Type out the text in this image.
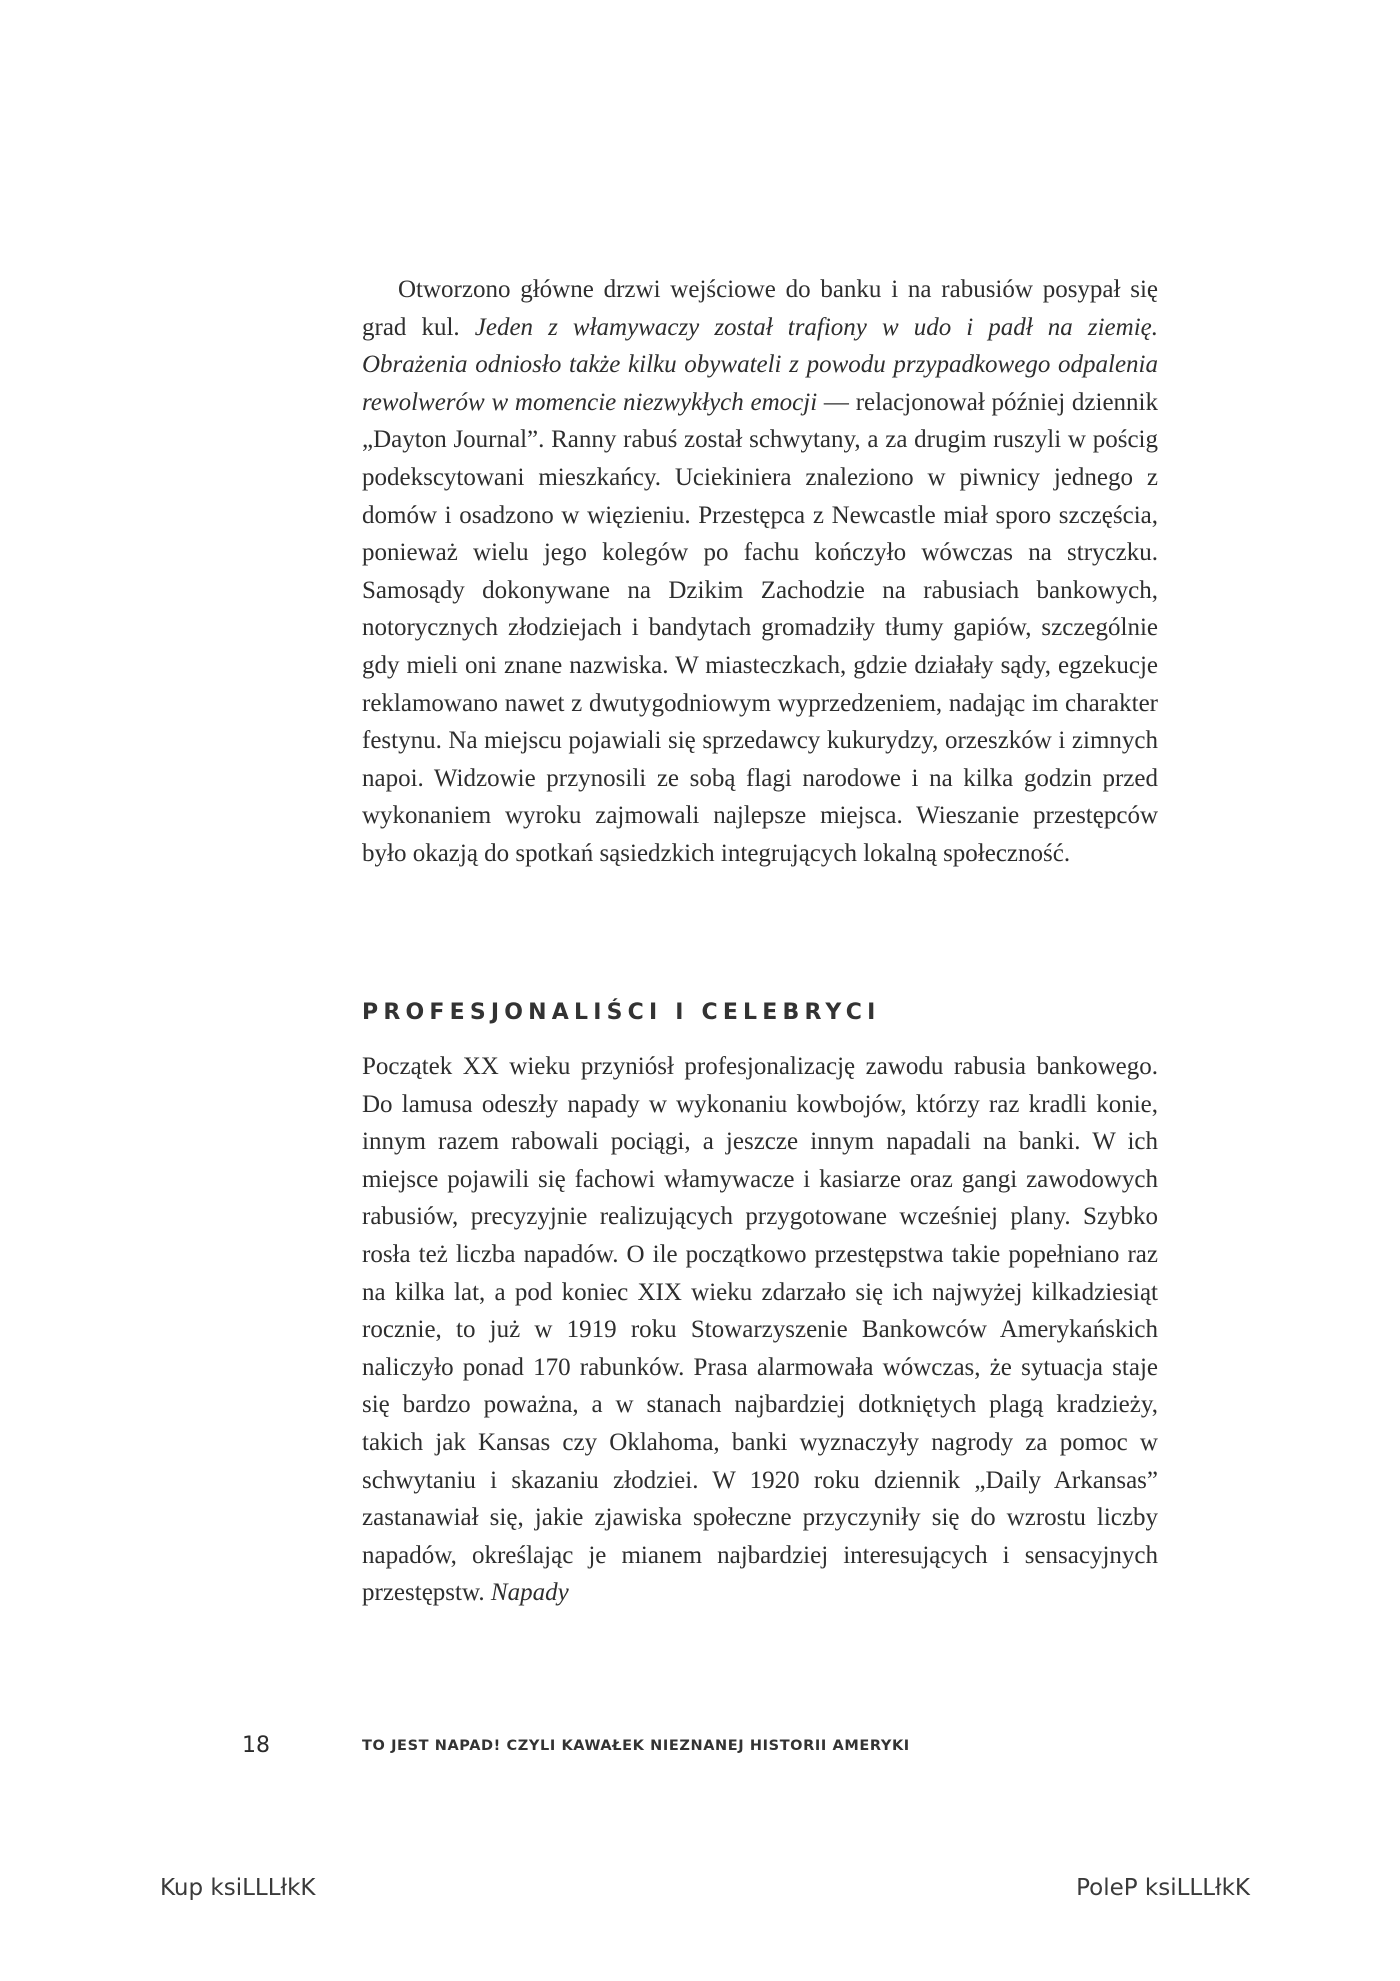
Otworzono główne drzwi wejściowe do banku i na rabusiów posypał się grad kul. Jeden z włamywaczy został trafiony w udo i padł na ziemię. Obrażenia odniosło także kilku obywateli z powodu przypadkowego odpalenia rewolwerów w momencie niezwykłych emocji — relacjonował później dziennik „Dayton Journal”. Ranny rabuś został schwytany, a za drugim ruszyli w pościg podekscytowani mieszkańcy. Uciekiniera znaleziono w piwnicy jednego z domów i osadzono w więzieniu. Przestępca z Newcastle miał sporo szczęścia, ponieważ wielu jego kolegów po fachu kończyło wówczas na stryczku. Samosądy dokonywane na Dzikim Zachodzie na rabusiach bankowych, notorycznych złodziejach i bandytach gromadziły tłumy gapiów, szczególnie gdy mieli oni znane nazwiska. W miasteczkach, gdzie działały sądy, egzekucje reklamowano nawet z dwutygodniowym wyprzedzeniem, nadając im charakter festynu. Na miejscu pojawiali się sprzedawcy kukurydzy, orzeszków i zimnych napoi. Widzowie przynosili ze sobą flagi narodowe i na kilka godzin przed wykonaniem wyroku zajmowali najlepsze miejsca. Wieszanie przestępców było okazją do spotkań sąsiedzkich integrujących lokalną społeczność.

PROFESJONALIŚCI I CELEBRYCI

Początek XX wieku przyniósł profesjonalizację zawodu rabusia bankowego. Do lamusa odeszły napady w wykonaniu kowbojów, którzy raz kradli konie, innym razem rabowali pociągi, a jeszcze innym napadali na banki. W ich miejsce pojawili się fachowi włamywacze i kasiarze oraz gangi zawodowych rabusiów, precyzyjnie realizujących przygotowane wcześniej plany. Szybko rosła też liczba napadów. O ile początkowo przestępstwa takie popełniano raz na kilka lat, a pod koniec XIX wieku zdarzało się ich najwyżej kilkadziesiąt rocznie, to już w 1919 roku Stowarzyszenie Bankowców Amerykańskich naliczyło ponad 170 rabunków. Prasa alarmowała wówczas, że sytuacja staje się bardzo poważna, a w stanach najbardziej dotkniętych plagą kradzieży, takich jak Kansas czy Oklahoma, banki wyznaczyły nagrody za pomoc w schwytaniu i skazaniu złodziei. W 1920 roku dziennik „Daily Arkansas” zastanawiał się, jakie zjawiska społeczne przyczyniły się do wzrostu liczby napadów, określając je mianem najbardziej interesujących i sensacyjnych przestępstw. Napady

18	TO JEST NAPAD! CZYLI KAWAŁEK NIEZNANEJ HISTORII AMERYKI
Kup ksiLLLłkK	PoleP ksiLLLłkK
